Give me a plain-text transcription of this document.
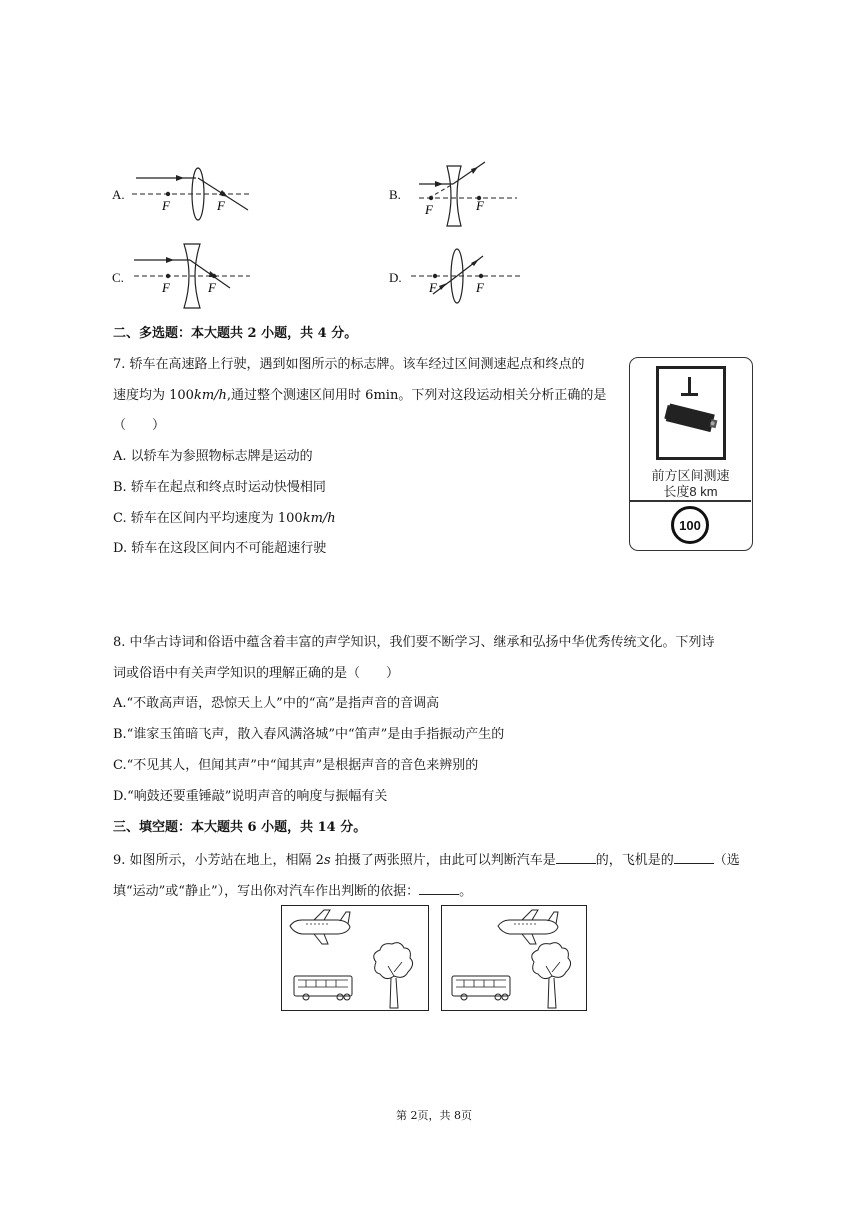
A.
F	F
B.
F	F
C.
F	F
D.
F	F
二、多选题：本大题共 2 小题，共 4 分。
7. 轿车在高速路上行驶，遇到如图所示的标志牌。该车经过区间测速起点和终点的
速度均为 100km/h,通过整个测速区间用时 6min。下列对这段运动相关分析正确的是
（　　）
A. 以轿车为参照物标志牌是运动的
B. 轿车在起点和终点时运动快慢相同
C. 轿车在区间内平均速度为 100km/h
D. 轿车在这段区间内不可能超速行驶
前方区间测速
长度8 km
100
8. 中华古诗词和俗语中蕴含着丰富的声学知识，我们要不断学习、继承和弘扬中华优秀传统文化。下列诗
词或俗语中有关声学知识的理解正确的是（　　）
A.“不敢高声语，恐惊天上人”中的“高”是指声音的音调高
B.“谁家玉笛暗飞声，散入春风满洛城”中“笛声”是由手指振动产生的
C.“不见其人，但闻其声”中“闻其声”是根据声音的音色来辨别的
D.“响鼓还要重锤敲”说明声音的响度与振幅有关
三、填空题：本大题共 6 小题，共 14 分。
9. 如图所示，小芳站在地上，相隔 2s 拍摄了两张照片，由此可以判断汽车是	的，飞机是的	（选
填“运动”或“静止”），写出你对汽车作出判断的依据：	。
第 2页，共 8页
